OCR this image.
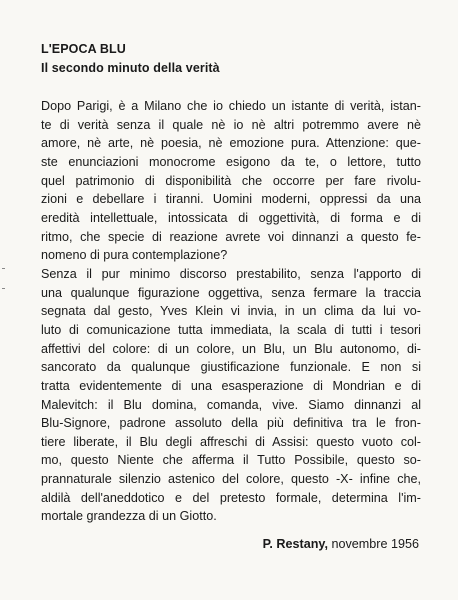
L'EPOCA BLU
Il secondo minuto della verità
Dopo Parigi, è a Milano che io chiedo un istante di verità, istan-
te di verità senza il quale nè io nè altri potremmo avere nè
amore, nè arte, nè poesia, nè emozione pura. Attenzione: que-
ste enunciazioni monocrome esigono da te, o lettore, tutto
quel patrimonio di disponibilità che occorre per fare rivolu-
zioni e debellare i tiranni. Uomini moderni, oppressi da una
eredità intellettuale, intossicata di oggettività, di forma e di
ritmo, che specie di reazione avrete voi dinnanzi a questo fe-
nomeno di pura contemplazione?
Senza il pur minimo discorso prestabilito, senza l'apporto di
una qualunque figurazione oggettiva, senza fermare la traccia
segnata dal gesto, Yves Klein vi invia, in un clima da lui vo-
luto di comunicazione tutta immediata, la scala di tutti i tesori
affettivi del colore: di un colore, un Blu, un Blu autonomo, di-
sancorato da qualunque giustificazione funzionale. E non si
tratta evidentemente di una esasperazione di Mondrian e di
Malevitch: il Blu domina, comanda, vive. Siamo dinnanzi al
Blu-Signore, padrone assoluto della più definitiva tra le fron-
tiere liberate, il Blu degli affreschi di Assisi: questo vuoto col-
mo, questo Niente che afferma il Tutto Possibile, questo so-
prannaturale silenzio astenico del colore, questo -X- infine che,
aldilà dell'aneddotico e del pretesto formale, determina l'im-
mortale grandezza di un Giotto.
P. Restany, novembre 1956
